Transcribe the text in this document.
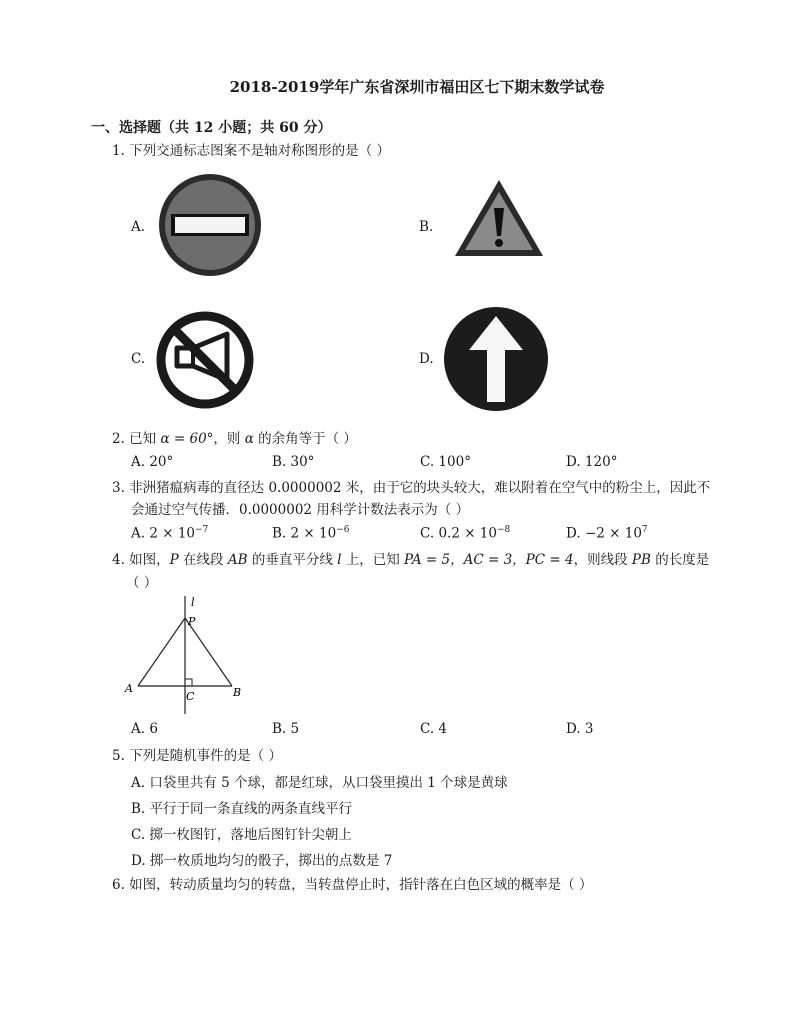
2018-2019学年广东省深圳市福田区七下期末数学试卷
一、选择题（共 12 小题；共 60 分）
1. 下列交通标志图案不是轴对称图形的是（ ）
A.	B.
C.	D.
2. 已知 α = 60°，则 α 的余角等于（ ）
A. 20°	B. 30°	C. 100°	D. 120°
3. 非洲猪瘟病毒的直径达 0.0000002 米，由于它的块头较大，难以附着在空气中的粉尘上，因此不
会通过空气传播．0.0000002 用科学计数法表示为（ ）
A. $2 \times 10^{-7}$	B. $2 \times 10^{-6}$	C. $0.2 \times 10^{-8}$	D. $-2 \times 10^7$
4. 如图，P 在线段 AB 的垂直平分线 l 上，已知 PA = 5，AC = 3，PC = 4，则线段 PB 的长度是
（ ）
l
P
A
C	B
A. 6	B. 5	C. 4	D. 3
5. 下列是随机事件的是（ ）
A. 口袋里共有 5 个球，都是红球，从口袋里摸出 1 个球是黄球
B. 平行于同一条直线的两条直线平行
C. 掷一枚图钉，落地后图钉针尖朝上
D. 掷一枚质地均匀的骰子，掷出的点数是 7
6. 如图，转动质量均匀的转盘，当转盘停止时，指针落在白色区域的概率是（ ）
